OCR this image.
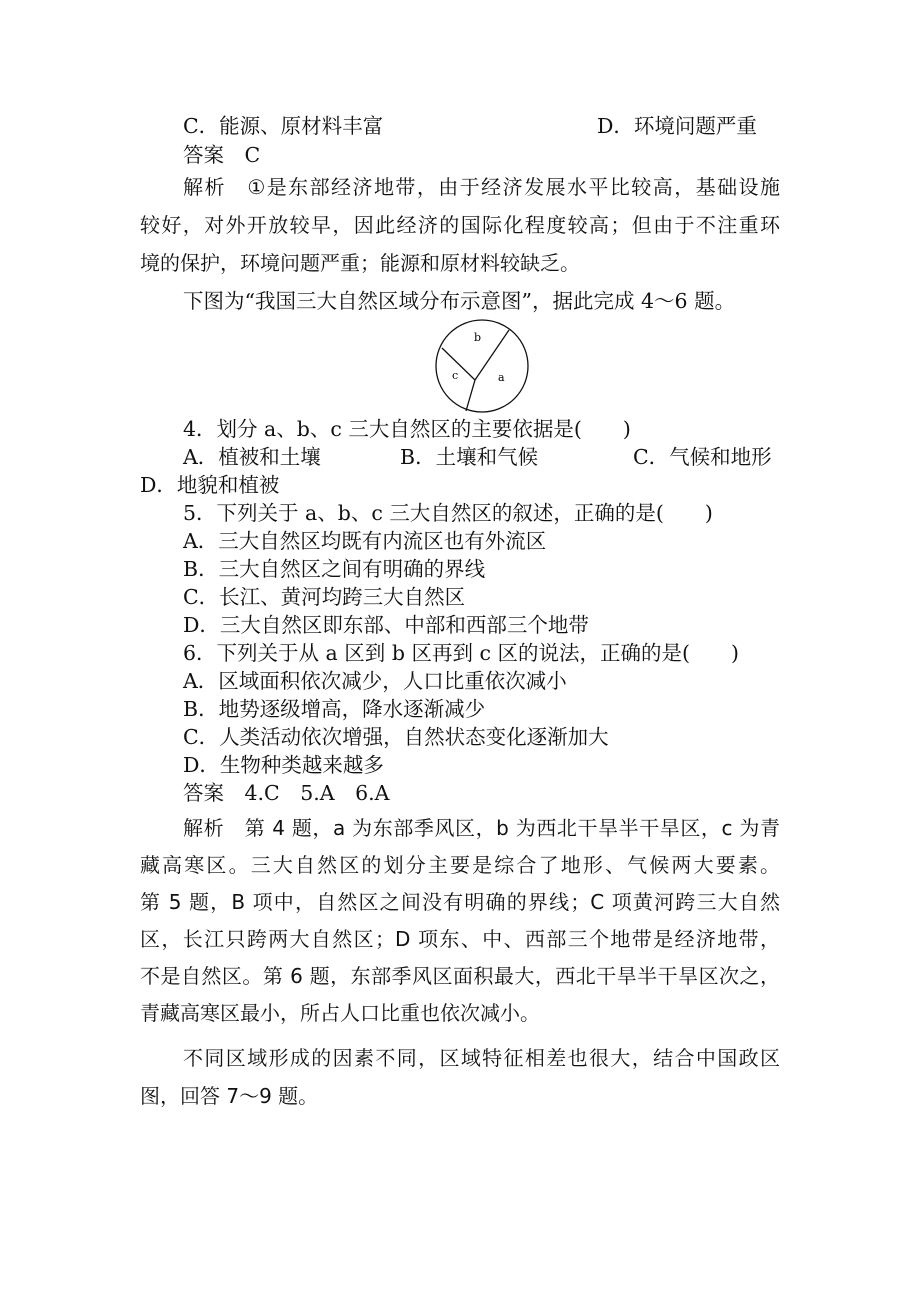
C．能源、原材料丰富	D．环境问题严重
答案　C
解析　①是东部经济地带，由于经济发展水平比较高，基础设施
较好，对外开放较早，因此经济的国际化程度较高；但由于不注重环
境的保护，环境问题严重；能源和原材料较缺乏。
下图为“我国三大自然区域分布示意图”，据此完成 4～6 题。
b
c	a
4．划分 a、b、c 三大自然区的主要依据是(　　)
A．植被和土壤	B．土壤和气候	C．气候和地形
D．地貌和植被
5．下列关于 a、b、c 三大自然区的叙述，正确的是(　　)
A．三大自然区均既有内流区也有外流区
B．三大自然区之间有明确的界线
C．长江、黄河均跨三大自然区
D．三大自然区即东部、中部和西部三个地带
6．下列关于从 a 区到 b 区再到 c 区的说法，正确的是(　　)
A．区域面积依次减少，人口比重依次减小
B．地势逐级增高，降水逐渐减少
C．人类活动依次增强，自然状态变化逐渐加大
D．生物种类越来越多
答案　4.C　5.A　6.A
解析　第 4 题，a 为东部季风区，b 为西北干旱半干旱区，c 为青
藏高寒区。三大自然区的划分主要是综合了地形、气候两大要素。
第 5 题，B 项中，自然区之间没有明确的界线；C 项黄河跨三大自然
区，长江只跨两大自然区；D 项东、中、西部三个地带是经济地带，
不是自然区。第 6 题，东部季风区面积最大，西北干旱半干旱区次之，
青藏高寒区最小，所占人口比重也依次减小。
不同区域形成的因素不同，区域特征相差也很大，结合中国政区
图，回答 7～9 题。
